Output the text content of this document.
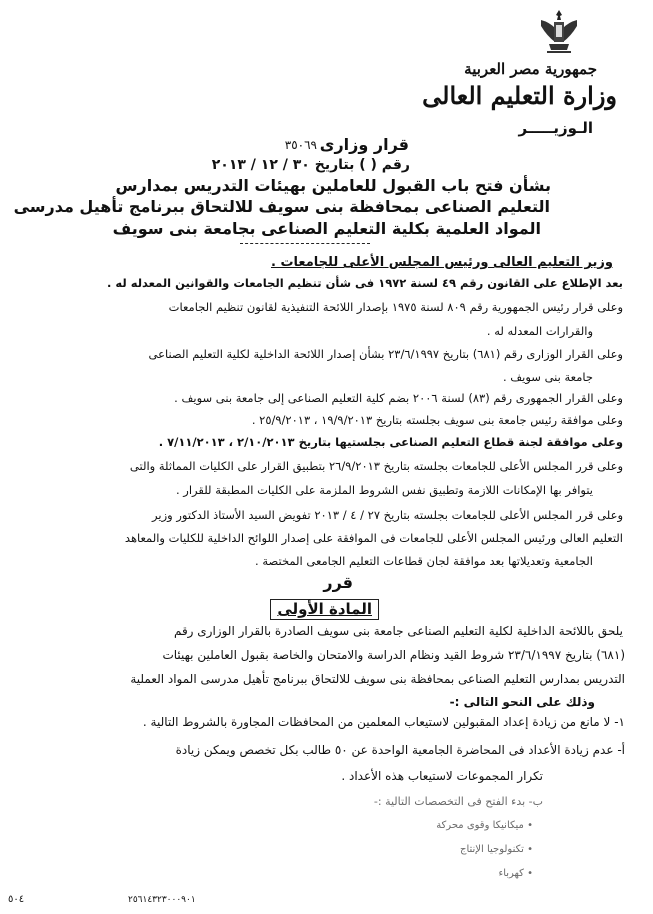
جمهورية مصر العربية
وزارة التعليم العالى
الـوزيـــــر
قرار وزارى
٣٥٠٦٩
رقم ( ) بتاريخ ٣٠ / ١٢ / ٢٠١٣
بشأن فتح باب القبول للعاملين بهيئات التدريس بمدارس
التعليم الصناعى بمحافظة بنى سويف للالتحاق ببرنامج تأهيل مدرسى
المواد العلمية بكلية التعليم الصناعى بجامعة بنى سويف
وزير التعليم العالى ورئيس المجلس الأعلى للجامعات .
بعد الإطلاع على القانون رقم ٤٩ لسنة ١٩٧٢ فى شأن تنظيم الجامعات والقوانين المعدله له .
وعلى قرار رئيس الجمهورية رقم ٨٠٩ لسنة ١٩٧٥ بإصدار اللائحة التنفيذية لقانون تنظيم الجامعات
والقرارات المعدله له .
وعلى القرار الوزارى رقم (٦٨١) بتاريخ ٢٣/٦/١٩٩٧ بشأن إصدار اللائحة الداخلية لكلية التعليم الصناعى
جامعة بنى سويف .
وعلى القرار الجمهورى رقم (٨٣) لسنة ٢٠٠٦ بضم كلية التعليم الصناعى إلى جامعة بنى سويف .
وعلى موافقة رئيس جامعة بنى سويف بجلسته بتاريخ ١٩/٩/٢٠١٣ ، ٢٥/٩/٢٠١٣ .
وعلى موافقة لجنة قطاع التعليم الصناعى بجلستيها بتاريخ ٢/١٠/٢٠١٣ ، ٧/١١/٢٠١٣ .
وعلى قرر المجلس الأعلى للجامعات بجلسته بتاريخ ٢٦/٩/٢٠١٣ بتطبيق القرار على الكليات المماثلة والتى
يتوافر بها الإمكانات اللازمة وتطبيق نفس الشروط الملزمة على الكليات المطبقة للقرار .
وعلى قرر المجلس الأعلى للجامعات بجلسته بتاريخ ٢٧ / ٤ / ٢٠١٣ تفويض السيد الأستاذ الدكتور وزير
التعليم العالى ورئيس المجلس الأعلى للجامعات فى الموافقة على إصدار اللوائح الداخلية للكليات والمعاهد
الجامعية وتعديلاتها بعد موافقة لجان قطاعات التعليم الجامعى المختصة .
قرر
المادة الأولى
يلحق باللائحة الداخلية لكلية التعليم الصناعى جامعة بنى سويف الصادرة بالقرار الوزارى رقم
(٦٨١) بتاريخ ٢٣/٦/١٩٩٧ شروط القيد ونظام الدراسة والامتحان والخاصة بقبول العاملين بهيئات
التدريس بمدارس التعليم الصناعى بمحافظة بنى سويف للالتحاق ببرنامج تأهيل مدرسى المواد العملية
وذلك على النحو التالى :-
١- لا مانع من زيادة إعداد المقبولين لاستيعاب المعلمين من المحافظات المجاورة بالشروط التالية .
أ- عدم زيادة الأعداد فى المحاضرة الجامعية الواحدة عن ٥٠ طالب بكل تخصص ويمكن زيادة
تكرار المجموعات لاستيعاب هذه الأعداد .
ب- بدء الفتح فى التخصصات التالية :-
• ميكانيكا وقوى محركة
• تكنولوجيا الإنتاج
• كهرباء
٥٠٤	٢٥٦١٤٣٢٣٠٠٠٩٠١
